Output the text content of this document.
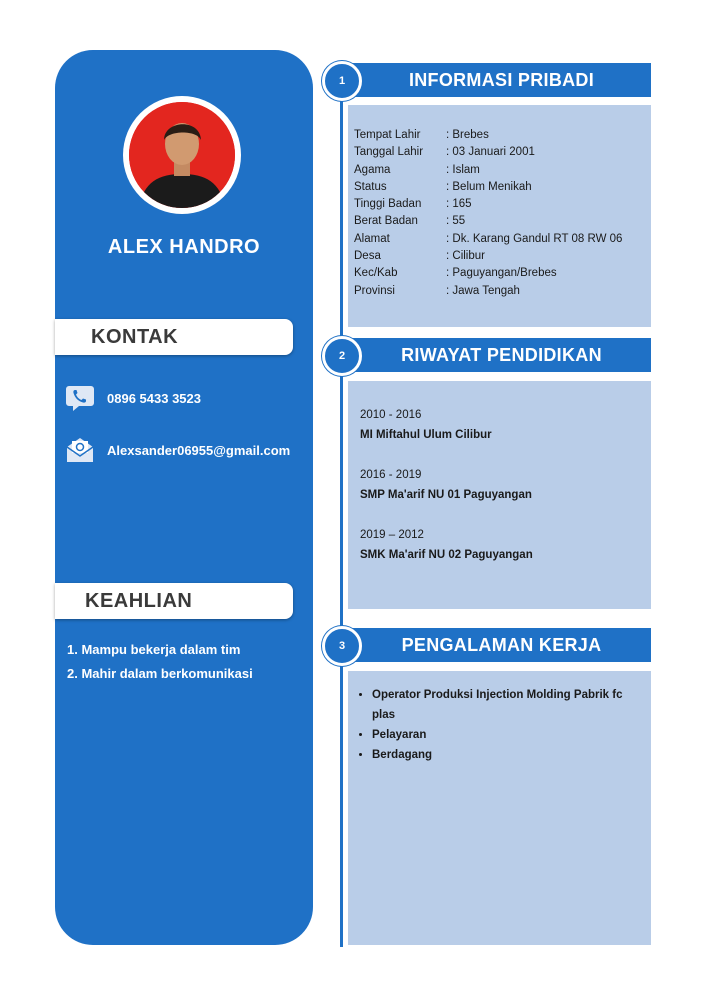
ALEX HANDRO
KONTAK
0896 5433 3523
Alexsander06955@gmail.com
KEAHLIAN
1. Mampu bekerja dalam tim
2. Mahir dalam berkomunikasi
INFORMASI PRIBADI
1
Tempat Lahir	: Brebes
Tanggal Lahir	: 03 Januari 2001
Agama	: Islam
Status	: Belum Menikah
Tinggi Badan	: 165
Berat Badan	: 55
Alamat	: Dk. Karang Gandul RT 08 RW 06
Desa	: Cilibur
Kec/Kab	: Paguyangan/Brebes
Provinsi	: Jawa Tengah
RIWAYAT PENDIDIKAN
2
2010 - 2016
MI Miftahul Ulum Cilibur
2016 - 2019
SMP Ma'arif NU 01 Paguyangan
2019 – 2012
SMK Ma'arif NU 02 Paguyangan
PENGALAMAN KERJA
3
• Operator Produksi Injection Molding Pabrik fc plas
• Pelayaran
• Berdagang
